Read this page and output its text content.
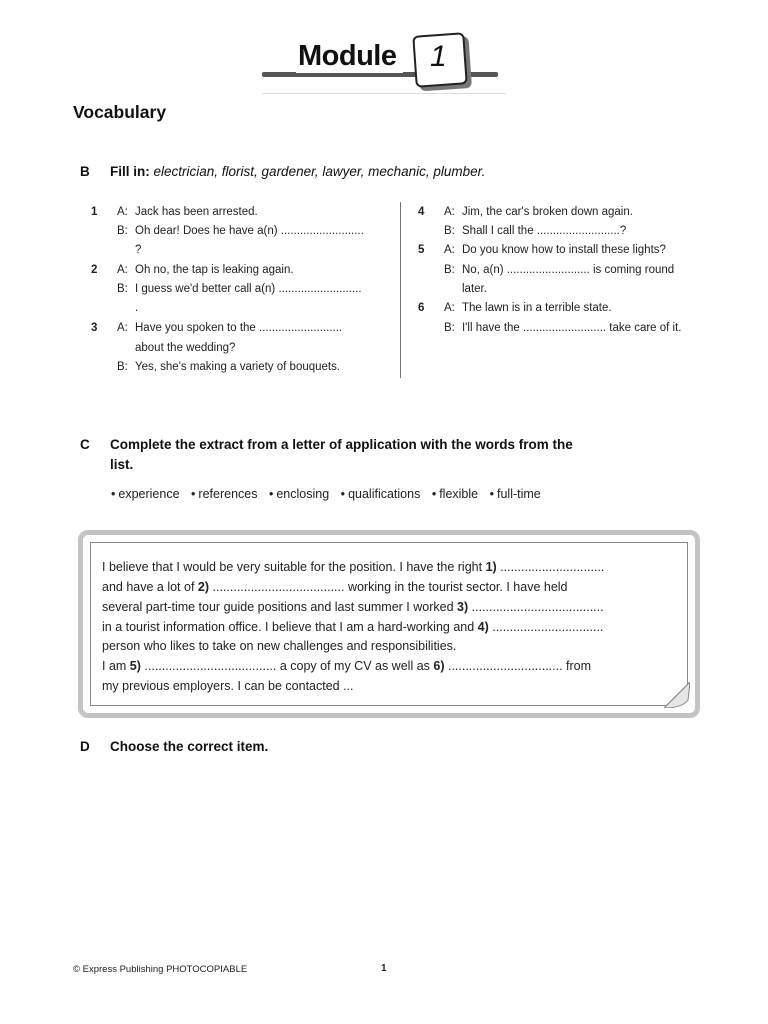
Module 1
Vocabulary
B Fill in: electrician, florist, gardener, lawyer, mechanic, plumber.
1 A: Jack has been arrested.
B: Oh dear! Does he have a(n) ..........................
?
2 A: Oh no, the tap is leaking again.
B: I guess we'd better call a(n) ..........................
.
3 A: Have you spoken to the ..........................
about the wedding?
B: Yes, she's making a variety of bouquets.
4 A: Jim, the car's broken down again.
B: Shall I call the ..........................?
5 A: Do you know how to install these lights?
B: No, a(n) .......................... is coming round
later.
6 A: The lawn is in a terrible state.
B: I'll have the .......................... take care of it.
C Complete the extract from a letter of application with the words from the
list.
• experience • references • enclosing • qualifications • flexible • full-time
I believe that I would be very suitable for the position. I have the right 1) ..............................
and have a lot of 2) ...................................... working in the tourist sector. I have held
several part-time tour guide positions and last summer I worked 3) ......................................
in a tourist information office. I believe that I am a hard-working and 4) ................................
person who likes to take on new challenges and responsibilities.
I am 5) ...................................... a copy of my CV as well as 6) ................................. from
my previous employers. I can be contacted ...
D Choose the correct item.
© Express Publishing PHOTOCOPIABLE	1
